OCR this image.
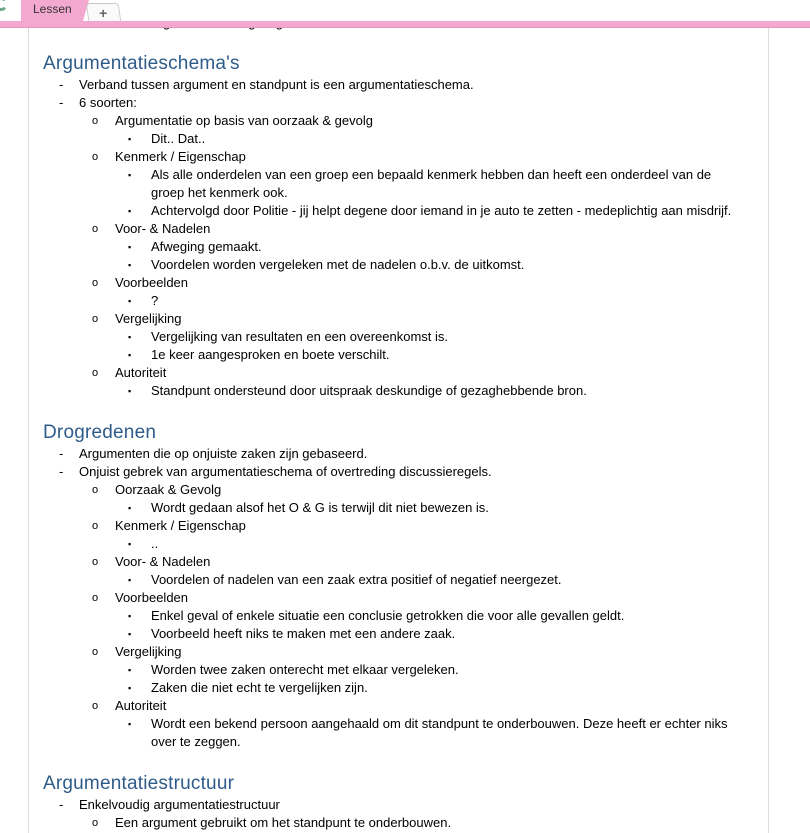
Lessen	+
Argumentatieschema's
- Verband tussen argument en standpunt is een argumentatieschema.
- 6 soorten:
o Argumentatie op basis van oorzaak & gevolg
▪ Dit.. Dat..
o Kenmerk / Eigenschap
▪ Als alle onderdelen van een groep een bepaald kenmerk hebben dan heeft een onderdeel van de
groep het kenmerk ook.
▪ Achtervolgd door Politie - jij helpt degene door iemand in je auto te zetten - medeplichtig aan misdrijf.
o Voor- & Nadelen
▪ Afweging gemaakt.
▪ Voordelen worden vergeleken met de nadelen o.b.v. de uitkomst.
o Voorbeelden
▪ ?
o Vergelijking
▪ Vergelijking van resultaten en een overeenkomst is.
▪ 1e keer aangesproken en boete verschilt.
o Autoriteit
▪ Standpunt ondersteund door uitspraak deskundige of gezaghebbende bron.
Drogredenen
- Argumenten die op onjuiste zaken zijn gebaseerd.
- Onjuist gebrek van argumentatieschema of overtreding discussieregels.
o Oorzaak & Gevolg
▪ Wordt gedaan alsof het O & G is terwijl dit niet bewezen is.
o Kenmerk / Eigenschap
▪ ..
o Voor- & Nadelen
▪ Voordelen of nadelen van een zaak extra positief of negatief neergezet.
o Voorbeelden
▪ Enkel geval of enkele situatie een conclusie getrokken die voor alle gevallen geldt.
▪ Voorbeeld heeft niks te maken met een andere zaak.
o Vergelijking
▪ Worden twee zaken onterecht met elkaar vergeleken.
▪ Zaken die niet echt te vergelijken zijn.
o Autoriteit
▪ Wordt een bekend persoon aangehaald om dit standpunt te onderbouwen. Deze heeft er echter niks
over te zeggen.
Argumentatiestructuur
- Enkelvoudig argumentatiestructuur
o Een argument gebruikt om het standpunt te onderbouwen.
